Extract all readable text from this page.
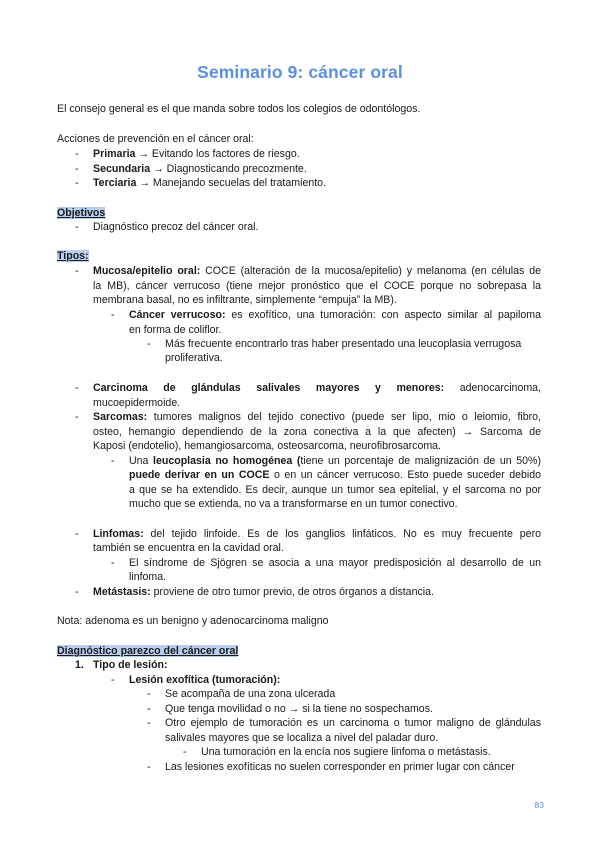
Seminario 9: cáncer oral
El consejo general es el que manda sobre todos los colegios de odontólogos.
Acciones de prevención en el cáncer oral:
- Primaria → Evitando los factores de riesgo.
- Secundaria → Diagnosticando precozmente.
- Terciaria → Manejando secuelas del tratamiento.
Objetivos
- Diagnóstico precoz del cáncer oral.
Tipos:
- Mucosa/epitelio oral: COCE (alteración de la mucosa/epitelio) y melanoma (en células de
la MB), cáncer verrucoso (tiene mejor pronóstico que el COCE porque no sobrepasa la
membrana basal, no es infiltrante, simplemente “empuja” la MB).
- Cáncer verrucoso: es exofítico, una tumoración: con aspecto similar al papiloma
en forma de coliflor.
- Más frecuente encontrarlo tras haber presentado una leucoplasia verrugosa
proliferativa.
- Carcinoma de glándulas salivales mayores y menores: adenocarcinoma,
mucoepidermoide.
- Sarcomas: tumores malignos del tejido conectivo (puede ser lipo, mio o leiomio, fibro,
osteo, hemangio dependiendo de la zona conectiva a la que afecten) → Sarcoma de
Kaposi (endotelio), hemangiosarcoma, osteosarcoma, neurofibrosarcoma.
- Una leucoplasia no homogénea (tiene un porcentaje de malignización de un 50%)
puede derivar en un COCE o en un cáncer verrucoso. Esto puede suceder debido
a que se ha extendido. Es decir, aunque un tumor sea epitelial, y el sarcoma no por
mucho que se extienda, no va a transformarse en un tumor conectivo.
- Linfomas: del tejido linfoide. Es de los ganglios linfáticos. No es muy frecuente pero
también se encuentra en la cavidad oral.
- El síndrome de Sjögren se asocia a una mayor predisposición al desarrollo de un
linfoma.
- Metástasis: proviene de otro tumor previo, de otros órganos a distancia.
Nota: adenoma es un benigno y adenocarcinoma maligno
Diagnóstico parezco del cáncer oral
1. Tipo de lesión:
- Lesión exofítica (tumoración):
- Se acompaña de una zona ulcerada
- Que tenga movilidad o no → si la tiene no sospechamos.
- Otro ejemplo de tumoración es un carcinoma o tumor maligno de glándulas
salivales mayores que se localiza a nivel del paladar duro.
- Una tumoración en la encía nos sugiere linfoma o metástasis.
- Las lesiones exofíticas no suelen corresponder en primer lugar con cáncer
83
